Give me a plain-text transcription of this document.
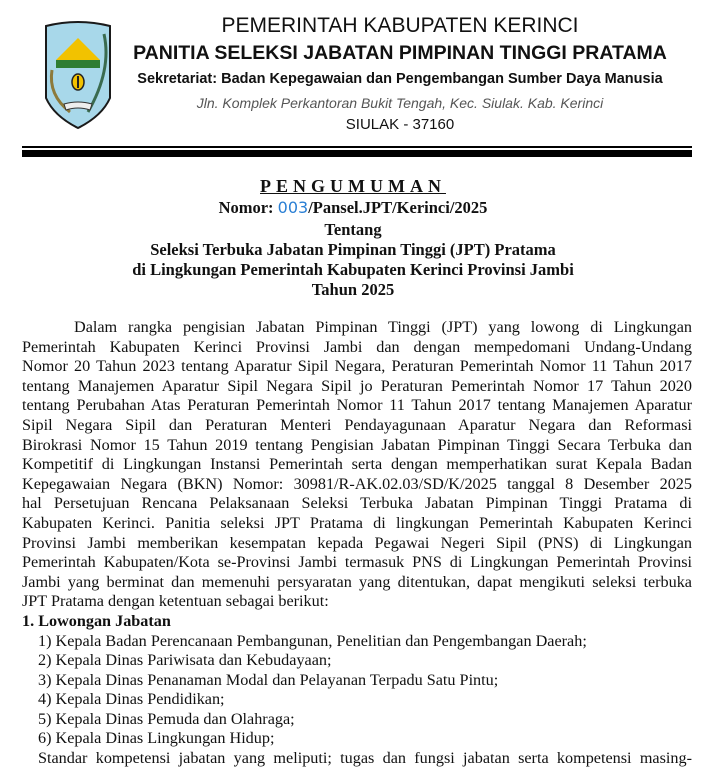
PEMERINTAH KABUPATEN KERINCI
PANITIA SELEKSI JABATAN PIMPINAN TINGGI PRATAMA
Sekretariat: Badan Kepegawaian dan Pengembangan Sumber Daya Manusia
Jln. Komplek Perkantoran Bukit Tengah, Kec. Siulak. Kab. Kerinci
SIULAK - 37160
PENGUMUMAN
Nomor: 003/Pansel.JPT/Kerinci/2025
Tentang
Seleksi Terbuka Jabatan Pimpinan Tinggi (JPT) Pratama
di Lingkungan Pemerintah Kabupaten Kerinci Provinsi Jambi
Tahun 2025
Dalam rangka pengisian Jabatan Pimpinan Tinggi (JPT) yang lowong di Lingkungan
Pemerintah Kabupaten Kerinci Provinsi Jambi dan dengan mempedomani Undang-Undang
Nomor 20 Tahun 2023 tentang Aparatur Sipil Negara, Peraturan Pemerintah Nomor 11 Tahun 2017
tentang Manajemen Aparatur Sipil Negara Sipil jo Peraturan Pemerintah Nomor 17 Tahun 2020
tentang Perubahan Atas Peraturan Pemerintah Nomor 11 Tahun 2017 tentang Manajemen Aparatur
Sipil Negara Sipil dan Peraturan Menteri Pendayagunaan Aparatur Negara dan Reformasi
Birokrasi Nomor 15 Tahun 2019 tentang Pengisian Jabatan Pimpinan Tinggi Secara Terbuka dan
Kompetitif di Lingkungan Instansi Pemerintah serta dengan memperhatikan surat Kepala Badan
Kepegawaian Negara (BKN) Nomor: 30981/R-AK.02.03/SD/K/2025 tanggal 8 Desember 2025
hal Persetujuan Rencana Pelaksanaan Seleksi Terbuka Jabatan Pimpinan Tinggi Pratama di
Kabupaten Kerinci. Panitia seleksi JPT Pratama di lingkungan Pemerintah Kabupaten Kerinci
Provinsi Jambi memberikan kesempatan kepada Pegawai Negeri Sipil (PNS) di Lingkungan
Pemerintah Kabupaten/Kota se-Provinsi Jambi termasuk PNS di Lingkungan Pemerintah Provinsi
Jambi yang berminat dan memenuhi persyaratan yang ditentukan, dapat mengikuti seleksi terbuka
JPT Pratama dengan ketentuan sebagai berikut:
1. Lowongan Jabatan
1) Kepala Badan Perencanaan Pembangunan, Penelitian dan Pengembangan Daerah;
2) Kepala Dinas Pariwisata dan Kebudayaan;
3) Kepala Dinas Penanaman Modal dan Pelayanan Terpadu Satu Pintu;
4) Kepala Dinas Pendidikan;
5) Kepala Dinas Pemuda dan Olahraga;
6) Kepala Dinas Lingkungan Hidup;
Standar kompetensi jabatan yang meliputi; tugas dan fungsi jabatan serta kompetensi masing-
